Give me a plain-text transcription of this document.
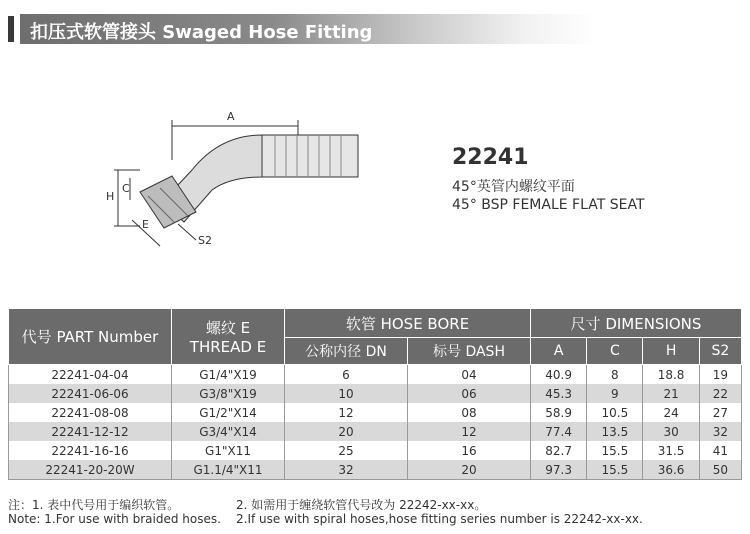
扣压式软管接头 Swaged Hose Fitting
A
H
C
E
S2
22241
45°英管内螺纹平面
45° BSP FEMALE FLAT SEAT
代号 PART Number	螺纹 E
THREAD E	软管 HOSE BORE		尺寸 DIMENSIONS			
		公称内径 DN	标号 DASH	A	C	H	S2
22241-04-04	G1/4"X19	6	04	40.9	8	18.8	19
22241-06-06	G3/8"X19	10	06	45.3	9	21	22
22241-08-08	G1/2"X14	12	08	58.9	10.5	24	27
22241-12-12	G3/4"X14	20	12	77.4	13.5	30	32
22241-16-16	G1"X11	25	16	82.7	15.5	31.5	41
22241-20-20W	G1.1/4"X11	32	20	97.3	15.5	36.6	50
注：1. 表中代号用于编织软管。	2. 如需用于缠绕软管代号改为 22242-xx-xx。
Note: 1.For use with braided hoses. 2.If use with spiral hoses,hose fitting series number is 22242-xx-xx.
